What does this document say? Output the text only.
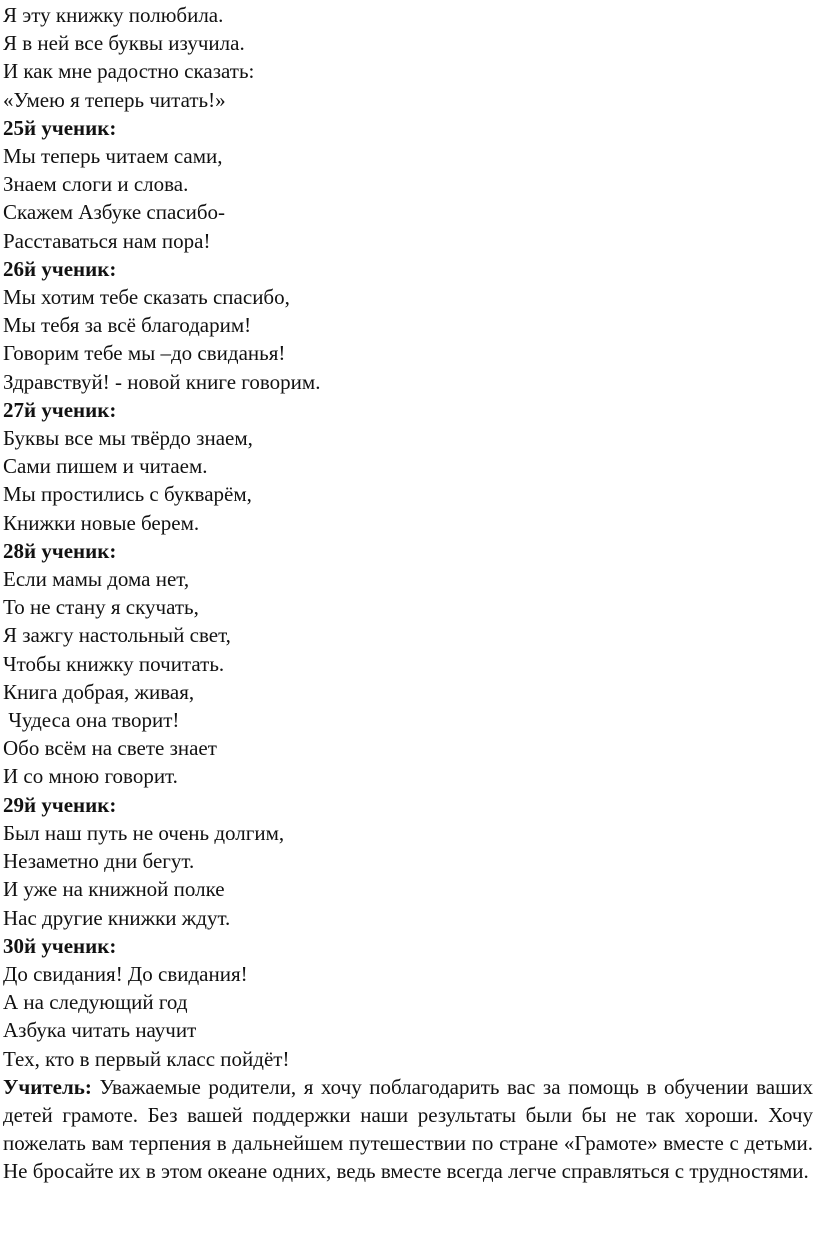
Я эту книжку полюбила.

Я в ней все буквы изучила.

И как мне радостно сказать:

«Умею я теперь читать!»

25й ученик:

Мы теперь читаем сами,

Знаем слоги и слова.

Скажем Азбуке спасибо-

Расставаться нам пора!

26й ученик:

Мы хотим тебе сказать спасибо,

Мы тебя за всё благодарим!

Говорим тебе мы –до свиданья!

Здравствуй! - новой книге говорим.

27й ученик:

Буквы все мы твёрдо знаем,

Сами пишем и читаем.

Мы простились с букварём,

Книжки новые берем.

28й ученик:

Если мамы дома нет,

То не стану я скучать,

Я зажгу настольный свет,

Чтобы книжку почитать.

Книга добрая, живая,

Чудеса она творит!

Обо всём на свете знает

И со мною говорит.

29й ученик:

Был наш путь не очень долгим,

Незаметно дни бегут.

И уже на книжной полке

Нас другие книжки ждут.

30й ученик:

До свидания! До свидания!

А на следующий год

Азбука читать научит

Тех, кто в первый класс пойдёт!

Учитель: Уважаемые родители, я хочу поблагодарить вас за помощь в обучении ваших детей грамоте. Без вашей поддержки наши результаты были бы не так хороши. Хочу пожелать вам терпения в дальнейшем путешествии по стране «Грамоте» вместе с детьми. Не бросайте их в этом океане одних, ведь вместе всегда легче справляться с трудностями.
